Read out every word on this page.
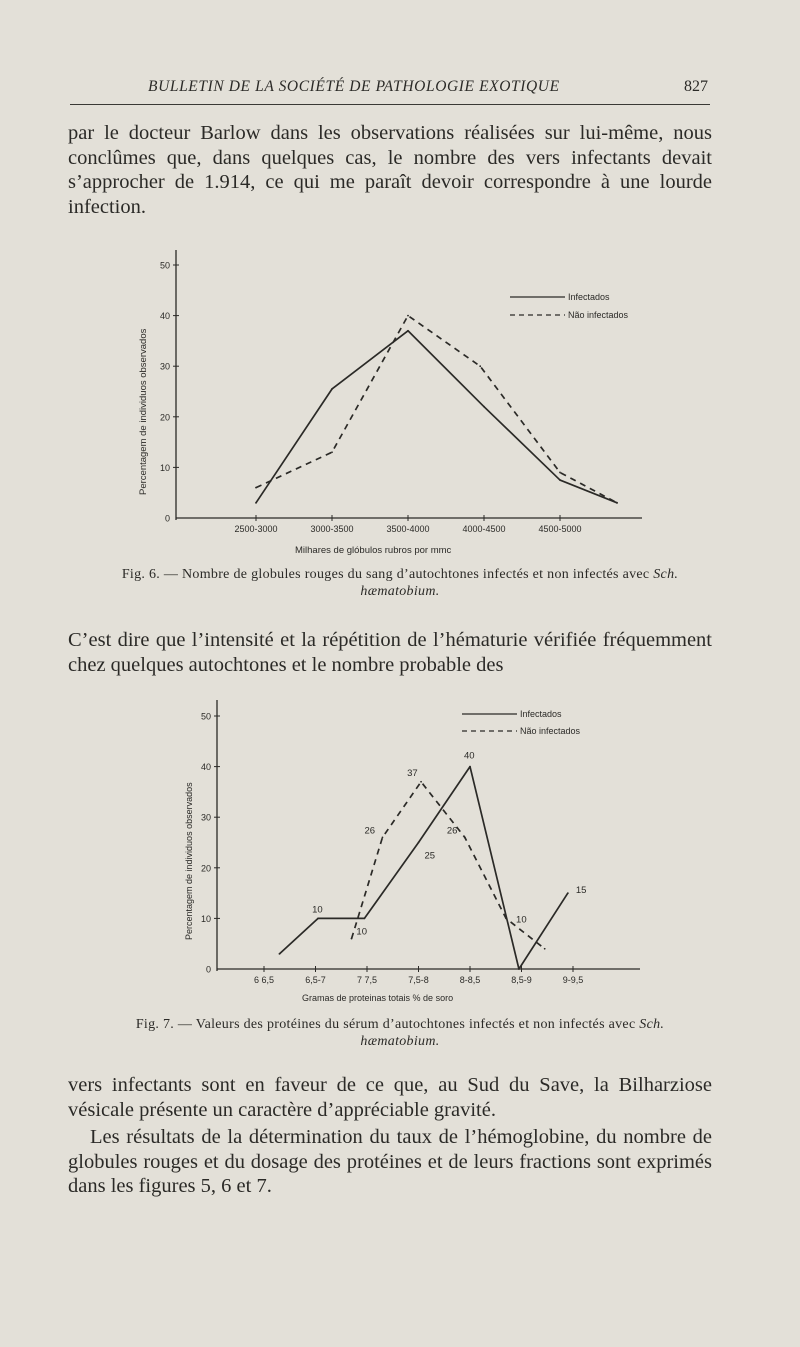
BULLETIN DE LA SOCIÉTÉ DE PATHOLOGIE EXOTIQUE	827
par le docteur Barlow dans les observations réalisées sur lui-même, nous conclûmes que, dans quelques cas, le nombre des vers infectants devait s’approcher de 1.914, ce qui me paraît devoir correspondre à une lourde infection.
50
40
30
20
10
0
2500-3000	3000-3500	3500-4000	4000-4500	4500-5000
Percentagem de individuos observados
Milhares de glóbulos rubros por mmc
Infectados
Não infectados
Fig. 6. — Nombre de globules rouges du sang d’autochtones infectés et non infectés avec Sch. hæmatobium.
C’est dire que l’intensité et la répétition de l’hématurie vérifiée fréquemment chez quelques autochtones et le nombre probable des
50
40
30
20
10
0
6 6,5	6,5-7	7 7,5	7,5-8	8-8,5	8,5-9	9-9,5
10
10
25
40
15
26
37
26
10
Percentagem de individuos observados
Gramas de proteinas totais % de soro
Infectados
Não infectados
Fig. 7. — Valeurs des protéines du sérum d’autochtones infectés et non infectés avec Sch. hæmatobium.
vers infectants sont en faveur de ce que, au Sud du Save, la Bilharziose vésicale présente un caractère d’appréciable gravité.
Les résultats de la détermination du taux de l’hémoglobine, du nombre de globules rouges et du dosage des protéines et de leurs fractions sont exprimés dans les figures 5, 6 et 7.
